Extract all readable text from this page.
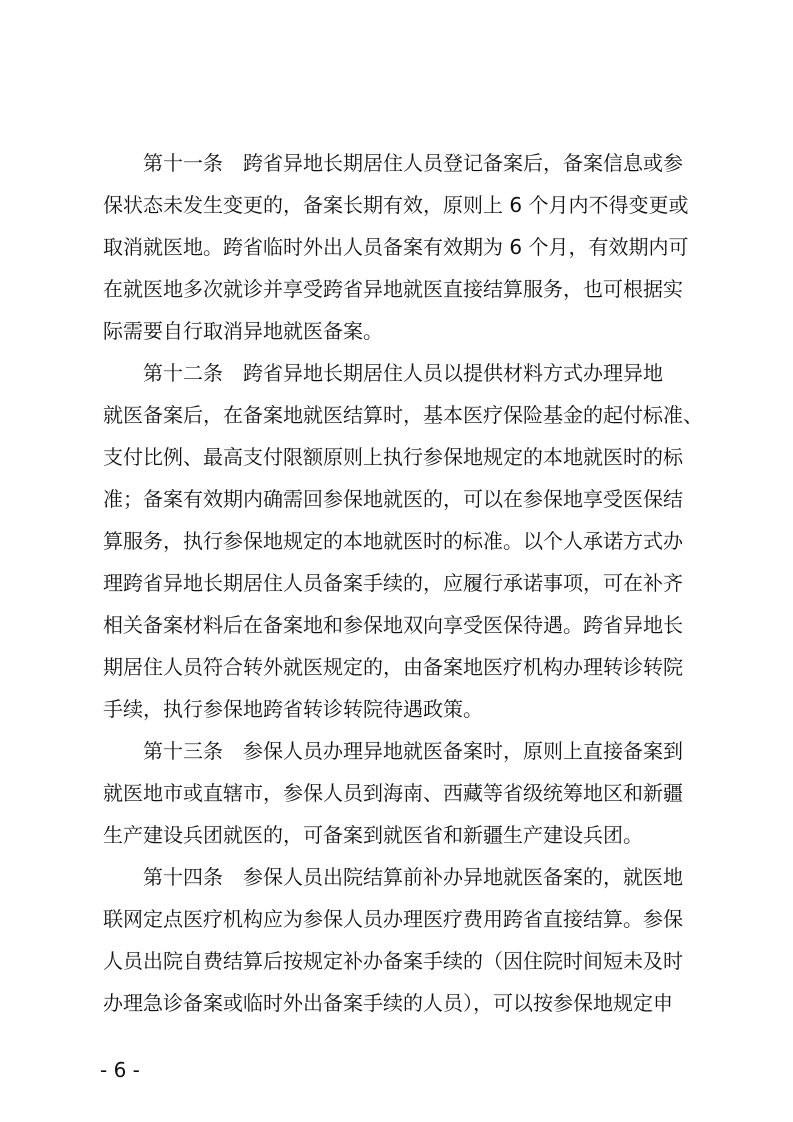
第十一条　跨省异地长期居住人员登记备案后，备案信息或参
保状态未发生变更的，备案长期有效，原则上 6 个月内不得变更或
取消就医地。跨省临时外出人员备案有效期为 6 个月，有效期内可
在就医地多次就诊并享受跨省异地就医直接结算服务，也可根据实
际需要自行取消异地就医备案。
第十二条　跨省异地长期居住人员以提供材料方式办理异地
就医备案后，在备案地就医结算时，基本医疗保险基金的起付标准、
支付比例、最高支付限额原则上执行参保地规定的本地就医时的标
准；备案有效期内确需回参保地就医的，可以在参保地享受医保结
算服务，执行参保地规定的本地就医时的标准。以个人承诺方式办
理跨省异地长期居住人员备案手续的，应履行承诺事项，可在补齐
相关备案材料后在备案地和参保地双向享受医保待遇。跨省异地长
期居住人员符合转外就医规定的，由备案地医疗机构办理转诊转院
手续，执行参保地跨省转诊转院待遇政策。
第十三条　参保人员办理异地就医备案时，原则上直接备案到
就医地市或直辖市，参保人员到海南、西藏等省级统筹地区和新疆
生产建设兵团就医的，可备案到就医省和新疆生产建设兵团。
第十四条　参保人员出院结算前补办异地就医备案的，就医地
联网定点医疗机构应为参保人员办理医疗费用跨省直接结算。参保
人员出院自费结算后按规定补办备案手续的（因住院时间短未及时
办理急诊备案或临时外出备案手续的人员），可以按参保地规定申
- 6 -
